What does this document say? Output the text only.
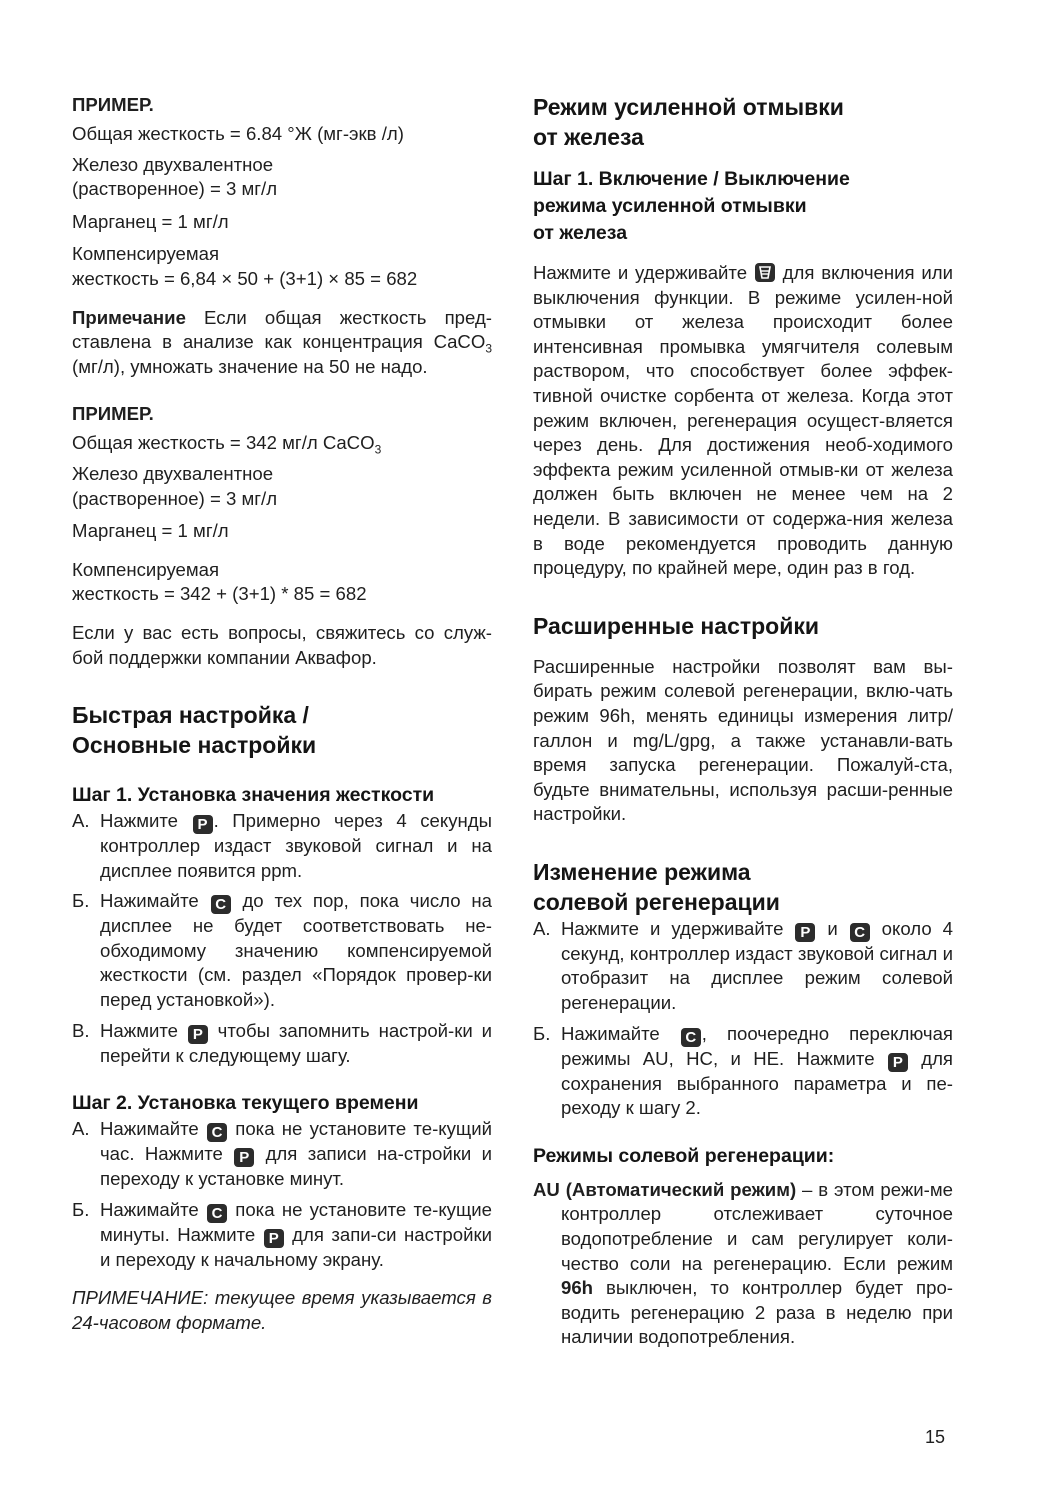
ПРИМЕР.
Общая жесткость = 6.84 °Ж (мг-экв /л)
Железо двухвалентное
(растворенное) = 3 мг/л
Марганец = 1 мг/л
Компенсируемая
жесткость = 6,84 × 50 + (3+1) × 85 = 682

Примечание Если общая жесткость пред-ставлена в анализе как концентрация CaCO$_3$ (мг/л), умножать значение на 50 не надо.

ПРИМЕР.
Общая жесткость = 342 мг/л CaCO$_3$
Железо двухвалентное
(растворенное) = 3 мг/л
Марганец = 1 мг/л
Компенсируемая
жесткость = 342 + (3+1) * 85 = 682

Если у вас есть вопросы, свяжитесь со служ-бой поддержки компании Аквафор.

Быстрая настройка /
Основные настройки
Шаг 1. Установка значения жесткости
А. Нажмите P . Примерно через 4 секунды контроллер издаст звуковой сигнал и на дисплее появится ppm.
Б. Нажимайте C до тех пор, пока число на дисплее не будет соответствовать не-обходимому значению компенсируемой жесткости (см. раздел «Порядок провер-ки перед установкой»).
В. Нажмите P чтобы запомнить настрой-ки и перейти к следующему шагу.
Шаг 2. Установка текущего времени
А. Нажимайте C пока не установите те-кущий час. Нажмите P для записи на-стройки и переходу к установке минут.
Б. Нажимайте C пока не установите те-кущие минуты. Нажмите P для запи-си настройки и переходу к начальному экрану.

ПРИМЕЧАНИЕ: текущее время указывается в 24-часовом формате.

Режим усиленной отмывки
от железа
Шаг 1. Включение / Выключение
режима усиленной отмывки
от железа

Нажмите и удерживайте  для включения или выключения функции. В режиме усилен-ной отмывки от железа происходит более интенсивная промывка умягчителя солевым раствором, что способствует более эффек-тивной очистке сорбента от железа. Когда этот режим включен, регенерация осущест-вляется через день. Для достижения необ-ходимого эффекта режим усиленной отмыв-ки от железа должен быть включен не менее чем на 2 недели. В зависимости от содержа-ния железа в воде рекомендуется проводить данную процедуру, по крайней мере, один раз в год.

Расширенные настройки

Расширенные настройки позволят вам вы-бирать режим солевой регенерации, вклю-чать режим 96h, менять единицы измерения литр/галлон и mg/L/gpg, а также устанавли-вать время запуска регенерации. Пожалуй-ста, будьте внимательны, используя расши-ренные настройки.

Изменение режима
солевой регенерации
А. Нажмите и удерживайте P и C около 4 секунд, контроллер издаст звуковой сигнал и отобразит на дисплее режим солевой регенерации.
Б. Нажимайте C , поочередно переключая режимы AU, HC, и HE. Нажмите P для сохранения выбранного параметра и пе-реходу к шагу 2.
Режимы солевой регенерации:

AU (Автоматический режим) – в этом режи-ме контроллер отслеживает суточное водопотребление и сам регулирует коли-чество соли на регенерацию. Если режим 96h выключен, то контроллер будет про-водить регенерацию 2 раза в неделю при наличии водопотребления.

15
